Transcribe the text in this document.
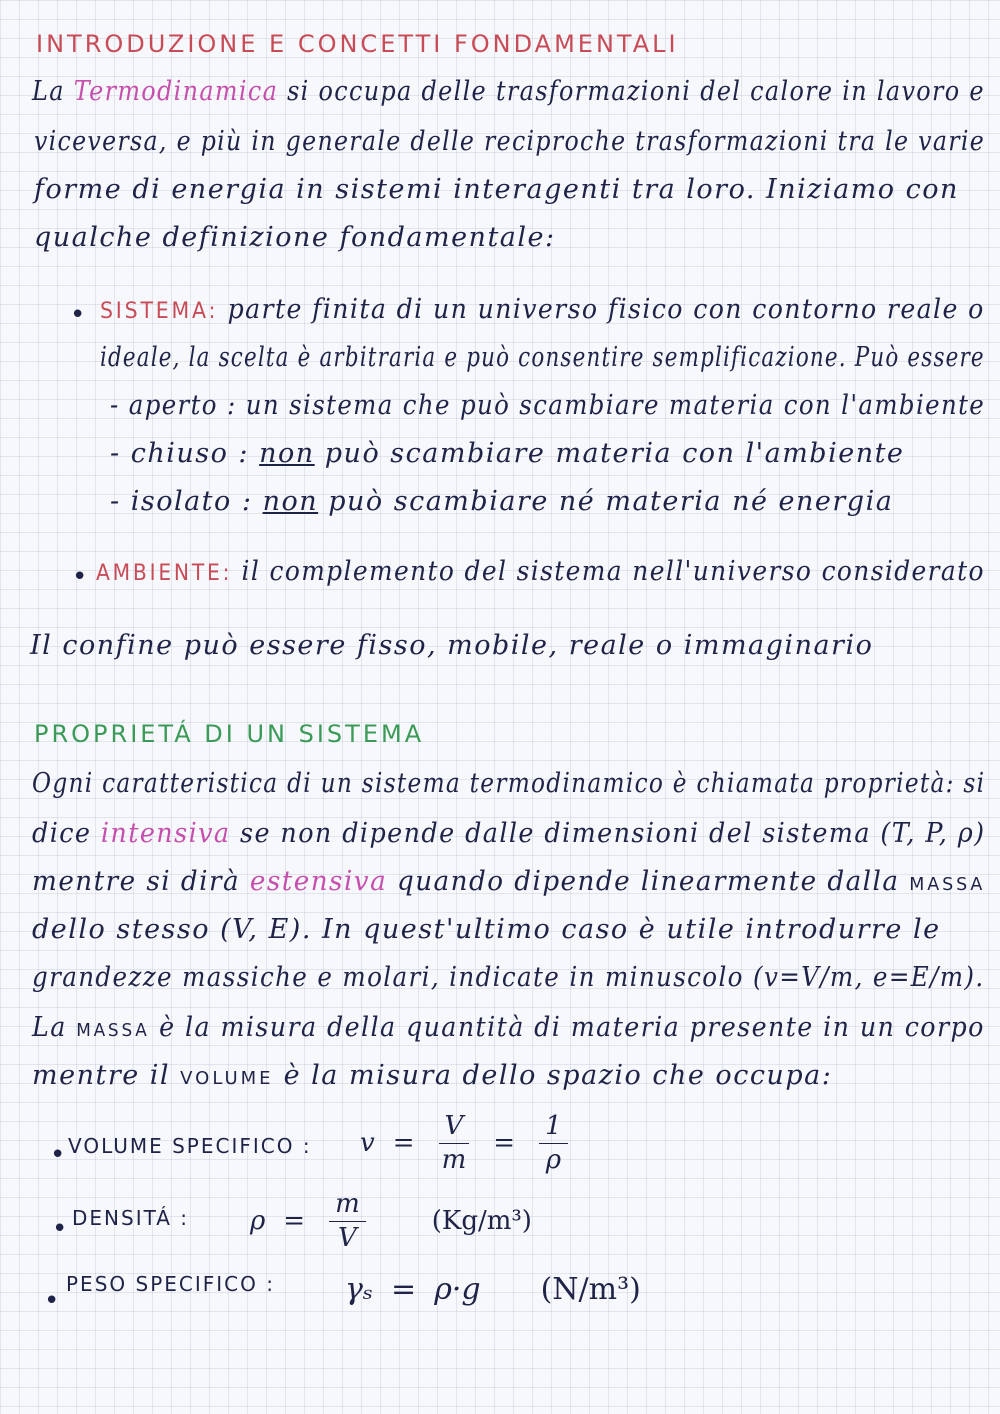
INTRODUZIONE E CONCETTI FONDAMENTALI
La Termodinamica si occupa delle trasformazioni del calore in lavoro e
viceversa, e più in generale delle reciproche trasformazioni tra le varie
forme di energia in sistemi interagenti tra loro. Iniziamo con
qualche definizione fondamentale:
• SISTEMA: parte finita di un universo fisico con contorno reale o
ideale, la scelta è arbitraria e può consentire semplificazione. Può essere
- aperto : un sistema che può scambiare materia con l'ambiente
- chiuso : non può scambiare materia con l'ambiente
- isolato : non può scambiare né materia né energia
• AMBIENTE: il complemento del sistema nell'universo considerato
Il confine può essere fisso, mobile, reale o immaginario
PROPRIETÁ DI UN SISTEMA
Ogni caratteristica di un sistema termodinamico è chiamata proprietà: si
dice intensiva se non dipende dalle dimensioni del sistema (T, P, ρ)
mentre si dirà estensiva quando dipende linearmente dalla MASSA
dello stesso (V, E). In quest'ultimo caso è utile introdurre le
grandezze massiche e molari, indicate in minuscolo (v=V/m, e=E/m).
La MASSA è la misura della quantità di materia presente in un corpo
mentre il VOLUME è la misura dello spazio che occupa:
• VOLUME SPECIFICO : $v = \frac{V}{m} = \frac{1}{\rho}$
• DENSITÁ : $\rho = \frac{m}{V}$	(Kg/m³)
•
PESO SPECIFICO : γₛ = ρ·g (N/m³)
